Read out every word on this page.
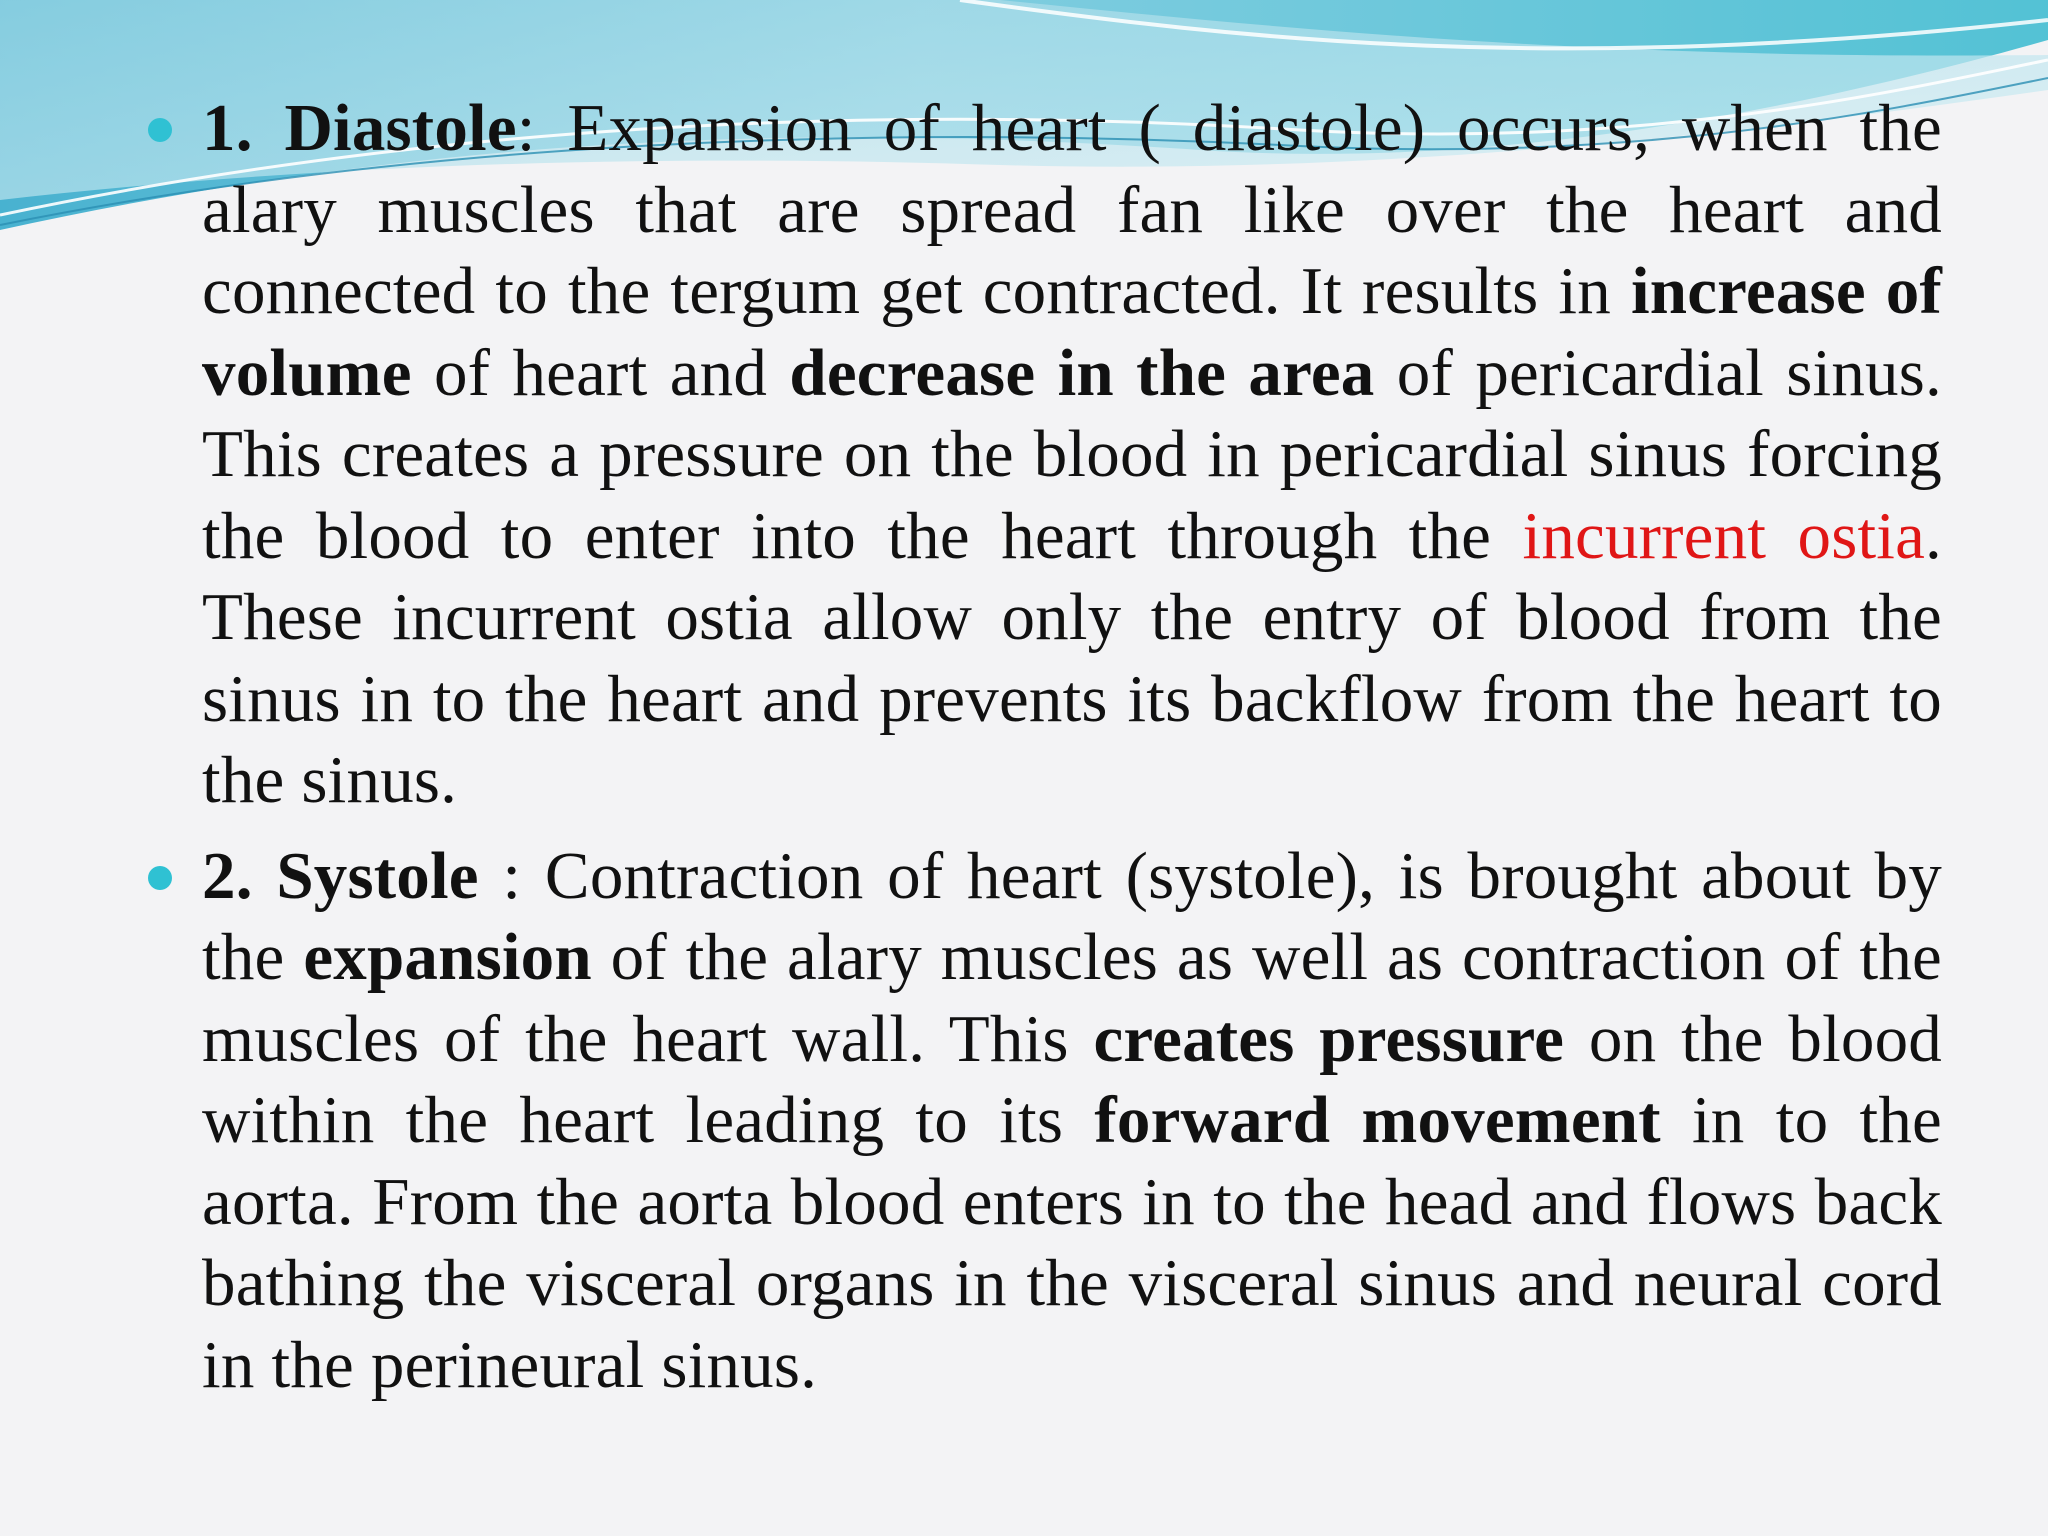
1. Diastole: Expansion of heart ( diastole) occurs, when the alary muscles that are spread fan like over the heart and connected to the tergum get contracted. It results in increase of volume of heart and decrease in the area of pericardial sinus. This creates a pressure on the blood in pericardial sinus forcing the blood to enter into the heart through the incurrent ostia. These incurrent ostia allow only the entry of blood from the sinus in to the heart and prevents its backflow from the heart to the sinus.

2. Systole : Contraction of heart (systole), is brought about by the expansion of the alary muscles as well as contraction of the muscles of the heart wall. This creates pressure on the blood within the heart leading to its forward movement in to the aorta. From the aorta blood enters in to the head and flows back bathing the visceral organs in the visceral sinus and neural cord in the perineural sinus.
